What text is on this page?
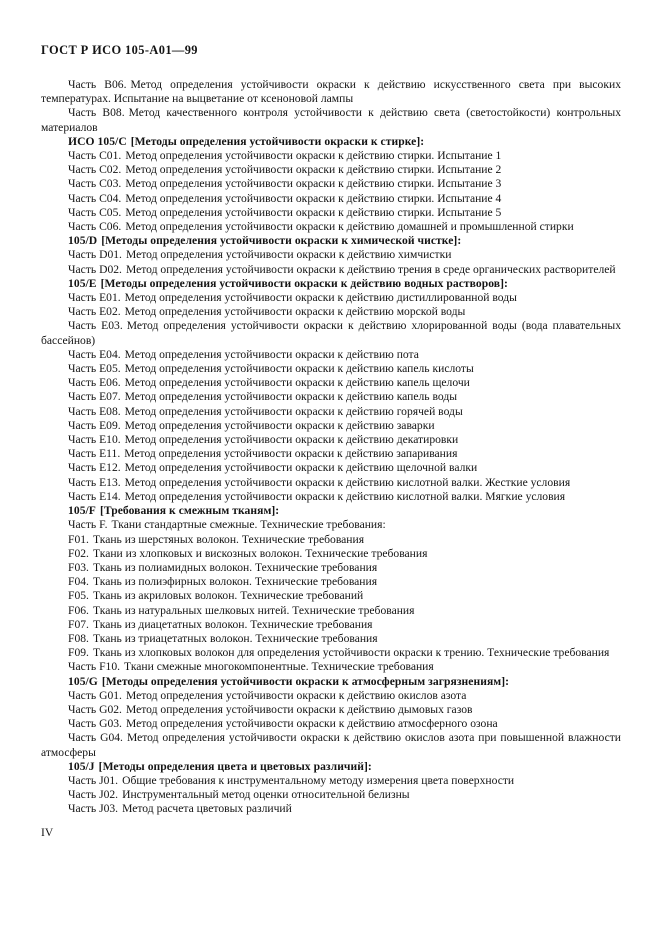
ГОСТ Р ИСО 105-A01—99

Часть B06. Метод определения устойчивости окраски к действию искусственного света при высоких температурах. Испытание на выцветание от ксеноновой лампы

Часть B08. Метод качественного контроля устойчивости к действию света (светостойкости) контрольных материалов

ИСО 105/C [Методы определения устойчивости окраски к стирке]:

Часть C01. Метод определения устойчивости окраски к действию стирки. Испытание 1

Часть C02. Метод определения устойчивости окраски к действию стирки. Испытание 2

Часть C03. Метод определения устойчивости окраски к действию стирки. Испытание 3

Часть C04. Метод определения устойчивости окраски к действию стирки. Испытание 4

Часть C05. Метод определения устойчивости окраски к действию стирки. Испытание 5

Часть C06. Метод определения устойчивости окраски к действию домашней и промышленной стирки

105/D [Методы определения устойчивости окраски к химической чистке]:

Часть D01. Метод определения устойчивости окраски к действию химчистки

Часть D02. Метод определения устойчивости окраски к действию трения в среде органических растворителей

105/E [Методы определения устойчивости окраски к действию водных растворов]:

Часть E01. Метод определения устойчивости окраски к действию дистиллированной воды

Часть E02. Метод определения устойчивости окраски к действию морской воды

Часть E03. Метод определения устойчивости окраски к действию хлорированной воды (вода плавательных бассейнов)

Часть E04. Метод определения устойчивости окраски к действию пота

Часть E05. Метод определения устойчивости окраски к действию капель кислоты

Часть E06. Метод определения устойчивости окраски к действию капель щелочи

Часть E07. Метод определения устойчивости окраски к действию капель воды

Часть E08. Метод определения устойчивости окраски к действию горячей воды

Часть E09. Метод определения устойчивости окраски к действию заварки

Часть E10. Метод определения устойчивости окраски к действию декатировки

Часть E11. Метод определения устойчивости окраски к действию запаривания

Часть E12. Метод определения устойчивости окраски к действию щелочной валки

Часть E13. Метод определения устойчивости окраски к действию кислотной валки. Жесткие условия

Часть E14. Метод определения устойчивости окраски к действию кислотной валки. Мягкие условия

105/F [Требования к смежным тканям]:

Часть F. Ткани стандартные смежные. Технические требования:

F01. Ткань из шерстяных волокон. Технические требования

F02. Ткани из хлопковых и вискозных волокон. Технические требования

F03. Ткань из полиамидных волокон. Технические требования

F04. Ткань из полиэфирных волокон. Технические требования

F05. Ткань из акриловых волокон. Технические требований

F06. Ткань из натуральных шелковых нитей. Технические требования

F07. Ткань из диацетатных волокон. Технические требования

F08. Ткань из триацетатных волокон. Технические требования

F09. Ткань из хлопковых волокон для определения устойчивости окраски к трению. Технические требования

Часть F10. Ткани смежные многокомпонентные. Технические требования

105/G [Методы определения устойчивости окраски к атмосферным загрязнениям]:

Часть G01. Метод определения устойчивости окраски к действию окислов азота

Часть G02. Метод определения устойчивости окраски к действию дымовых газов

Часть G03. Метод определения устойчивости окраски к действию атмосферного озона

Часть G04. Метод определения устойчивости окраски к действию окислов азота при повышенной влажности атмосферы

105/J [Методы определения цвета и цветовых различий]:

Часть J01. Общие требования к инструментальному методу измерения цвета поверхности

Часть J02. Инструментальный метод оценки относительной белизны

Часть J03. Метод расчета цветовых различий

IV
